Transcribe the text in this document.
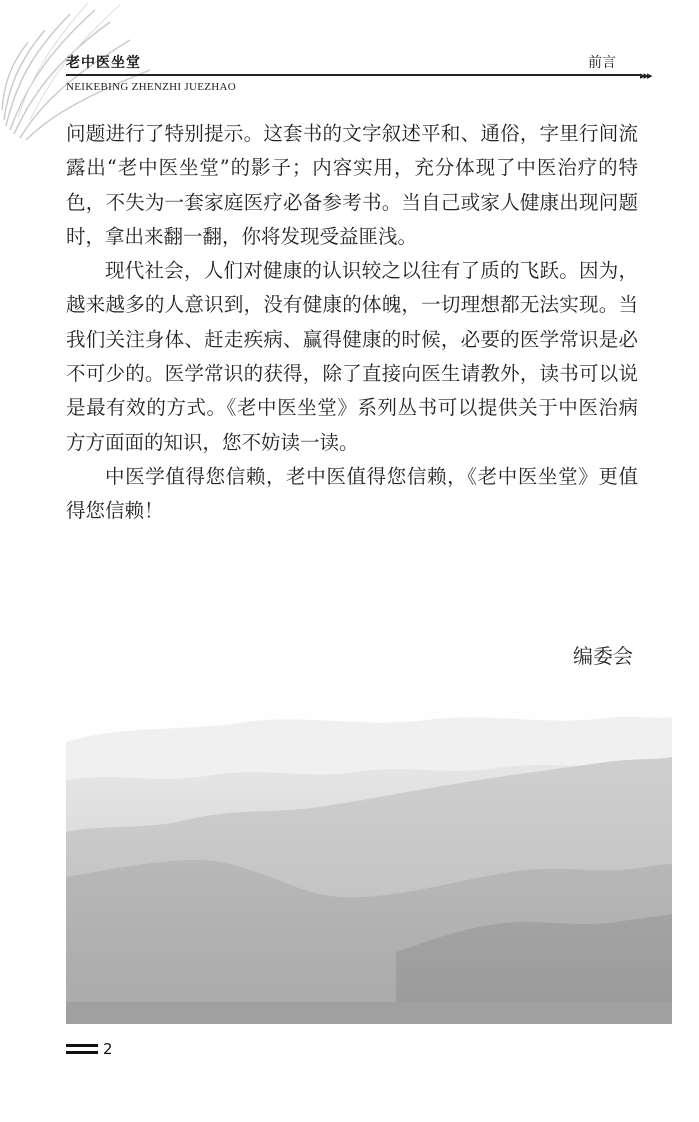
老中医坐堂	前言
▸▸▸
NEIKEBING ZHENZHI JUEZHAO

问题进行了特别提示。这套书的文字叙述平和、通俗，字里行间流露出“老中医坐堂”的影子；内容实用，充分体现了中医治疗的特色，不失为一套家庭医疗必备参考书。当自己或家人健康出现问题时，拿出来翻一翻，你将发现受益匪浅。

现代社会，人们对健康的认识较之以往有了质的飞跃。因为，越来越多的人意识到，没有健康的体魄，一切理想都无法实现。当我们关注身体、赶走疾病、赢得健康的时候，必要的医学常识是必不可少的。医学常识的获得，除了直接向医生请教外，读书可以说是最有效的方式。《老中医坐堂》系列丛书可以提供关于中医治病方方面面的知识，您不妨读一读。

中医学值得您信赖，老中医值得您信赖，《老中医坐堂》更值得您信赖！

编委会
2
